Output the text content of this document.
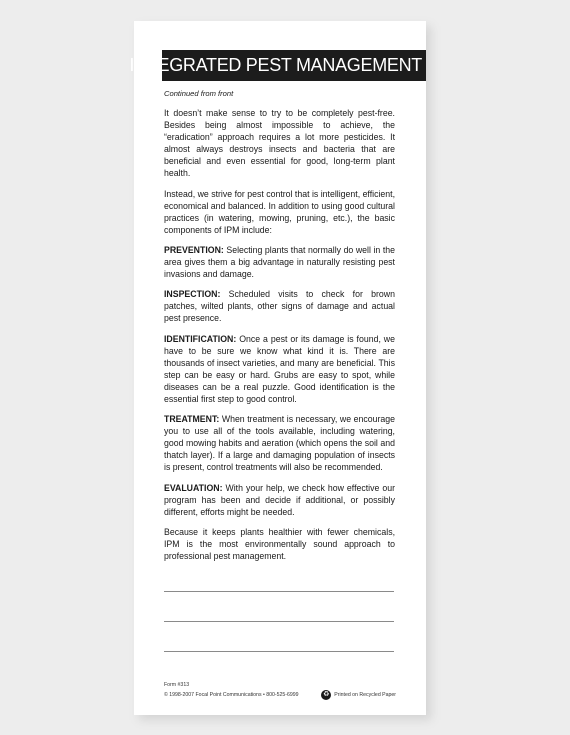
INTEGRATED PEST MANAGEMENT

Continued from front

It doesn’t make sense to try to be completely pest-free. Besides being almost impossible to achieve, the “eradication” approach requires a lot more pesticides. It almost always destroys insects and bacteria that are beneficial and even essential for good, long-term plant health.

Instead, we strive for pest control that is intelligent, efficient, economical and balanced. In addition to using good cultural practices (in watering, mowing, pruning, etc.), the basic components of IPM include:

PREVENTION: Selecting plants that normally do well in the area gives them a big advantage in naturally resisting pest invasions and damage.

INSPECTION: Scheduled visits to check for brown patches, wilted plants, other signs of damage and actual pest presence.

IDENTIFICATION: Once a pest or its damage is found, we have to be sure we know what kind it is. There are thousands of insect varieties, and many are beneficial. This step can be easy or hard. Grubs are easy to spot, while diseases can be a real puzzle. Good identification is the essential first step to good control.

TREATMENT: When treatment is necessary, we encourage you to use all of the tools available, including watering, good mowing habits and aeration (which opens the soil and thatch layer). If a large and damaging population of insects is present, control treatments will also be recommended.

EVALUATION: With your help, we check how effective our program has been and decide if additional, or possibly different, efforts might be needed.

Because it keeps plants healthier with fewer chemicals, IPM is the most environmentally sound approach to professional pest management.

Form #313
© 1998-2007 Focal Point Communications • 800-525-6999	♻ Printed on Recycled Paper
